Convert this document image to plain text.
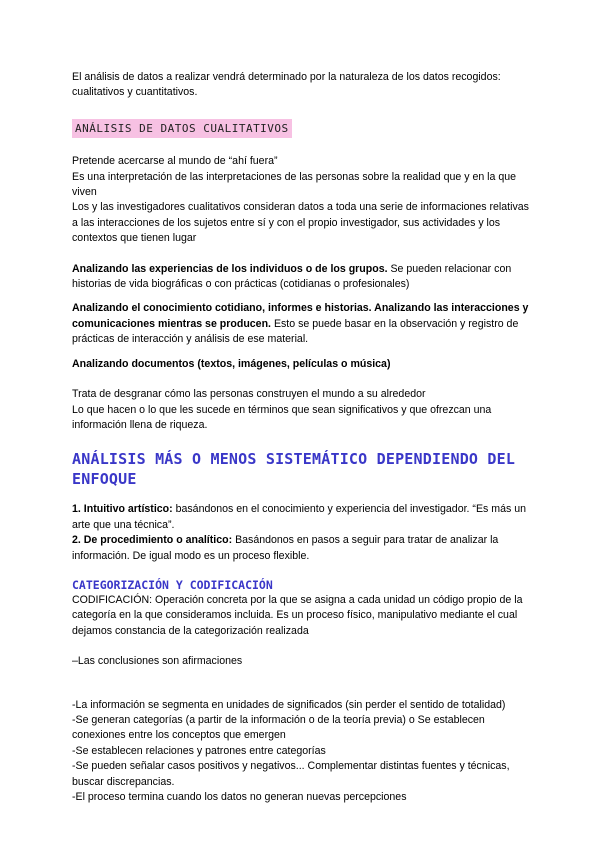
El análisis de datos a realizar vendrá determinado por la naturaleza de los datos recogidos: cualitativos y cuantitativos.

ANÁLISIS DE DATOS CUALITATIVOS

Pretende acercarse al mundo de “ahí fuera”

Es una interpretación de las interpretaciones de las personas sobre la realidad que y en la que viven

Los y las investigadores cualitativos consideran datos a toda una serie de informaciones relativas a las interacciones de los sujetos entre sí y con el propio investigador, sus actividades y los contextos que tienen lugar

Analizando las experiencias de los individuos o de los grupos. Se pueden relacionar con historias de vida biográficas o con prácticas (cotidianas o profesionales)

Analizando el conocimiento cotidiano, informes e historias. Analizando las interacciones y comunicaciones mientras se producen. Esto se puede basar en la observación y registro de prácticas de interacción y análisis de ese material.

Analizando documentos (textos, imágenes, películas o música)

Trata de desgranar cómo las personas construyen el mundo a su alrededor

Lo que hacen o lo que les sucede en términos que sean significativos y que ofrezcan una información llena de riqueza.

ANÁLISIS MÁS O MENOS SISTEMÁTICO DEPENDIENDO DEL ENFOQUE

1. Intuitivo artístico: basándonos en el conocimiento y experiencia del investigador. “Es más un arte que una técnica”.

2. De procedimiento o analítico: Basándonos en pasos a seguir para tratar de analizar la información. De igual modo es un proceso flexible.

CATEGORIZACIÓN Y CODIFICACIÓN

CODIFICACIÓN: Operación concreta por la que se asigna a cada unidad un código propio de la categoría en la que consideramos incluida. Es un proceso físico, manipulativo mediante el cual dejamos constancia de la categorización realizada

–Las conclusiones son afirmaciones

-La información se segmenta en unidades de significados (sin perder el sentido de totalidad)

-Se generan categorías (a partir de la información o de la teoría previa) o Se establecen conexiones entre los conceptos que emergen

-Se establecen relaciones y patrones entre categorías

-Se pueden señalar casos positivos y negativos... Complementar distintas fuentes y técnicas, buscar discrepancias.

-El proceso termina cuando los datos no generan nuevas percepciones
